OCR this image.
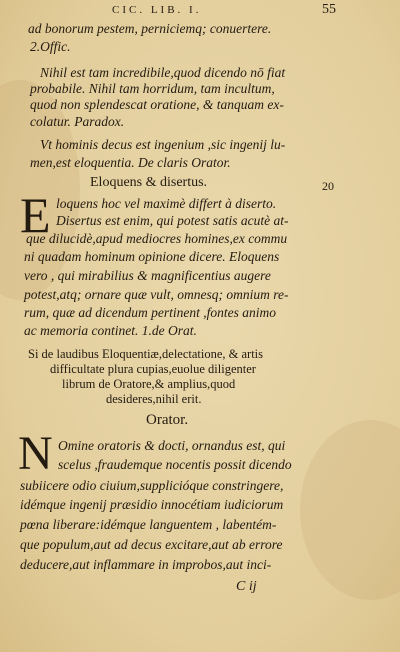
CIC. LIB. I.	55
ad bonorum pestem, perniciemq; conuertere.
2.Offic.
Nihil est tam incredibile,quod dicendo nō fiat
probabile. Nihil tam horridum, tam incultum,
quod non splendescat oratione, & tanquam ex-
colatur. Paradox.
Vt hominis decus est ingenium ,sic ingenij lu-
men,est eloquentia. De claris Orator.
Eloquens & disertus.	20
E loquens hoc vel maximè differt à diserto.
Disertus est enim, qui potest satis acutè at-
que dilucidè,apud mediocres homines,ex commu
ni quadam hominum opinione dicere. Eloquens
vero , qui mirabilius & magnificentius augere
potest,atq; ornare quæ vult, omnesq; omnium re-
rum, quæ ad dicendum pertinent ,fontes animo
ac memoria continet. 1.de Orat.
Si de laudibus Eloquentiæ,delectatione, & artis
difficultate plura cupias,euolue diligenter
librum de Oratore,& amplius,quod
desideres,nihil erit.
Orator.
N Omine oratoris & docti, ornandus est, qui
scelus ,fraudemque nocentis possit dicendo
subiicere odio ciuium,supplicióque constringere,
idémque ingenij præsidio innocétiam iudiciorum
pœna liberare:idémque languentem , labentém-
que populum,aut ad decus excitare,aut ab errore
deducere,aut inflammare in improbos,aut inci-
C ij
